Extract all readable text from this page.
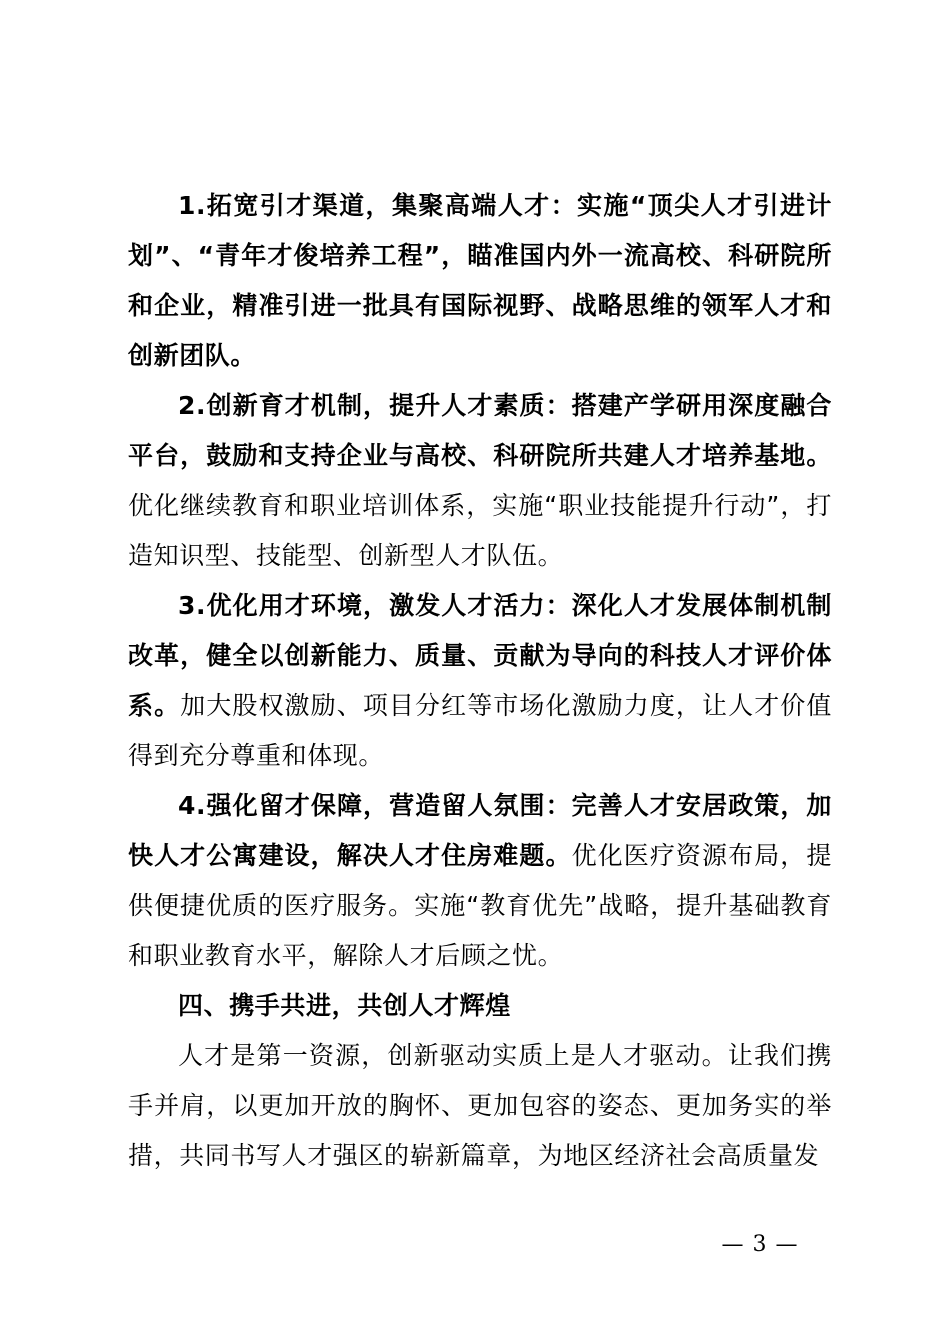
1.拓宽引才渠道，集聚高端人才：实施“顶尖人才引进计划”、“青年才俊培养工程”，瞄准国内外一流高校、科研院所和企业，精准引进一批具有国际视野、战略思维的领军人才和创新团队。

2.创新育才机制，提升人才素质：搭建产学研用深度融合平台，鼓励和支持企业与高校、科研院所共建人才培养基地。优化继续教育和职业培训体系，实施“职业技能提升行动”，打造知识型、技能型、创新型人才队伍。

3.优化用才环境，激发人才活力：深化人才发展体制机制改革，健全以创新能力、质量、贡献为导向的科技人才评价体系。加大股权激励、项目分红等市场化激励力度，让人才价值得到充分尊重和体现。

4.强化留才保障，营造留人氛围：完善人才安居政策，加快人才公寓建设，解决人才住房难题。优化医疗资源布局，提供便捷优质的医疗服务。实施“教育优先”战略，提升基础教育和职业教育水平，解除人才后顾之忧。

四、携手共进，共创人才辉煌

人才是第一资源，创新驱动实质上是人才驱动。让我们携手并肩，以更加开放的胸怀、更加包容的姿态、更加务实的举措，共同书写人才强区的崭新篇章，为地区经济社会高质量发

— 3 —
